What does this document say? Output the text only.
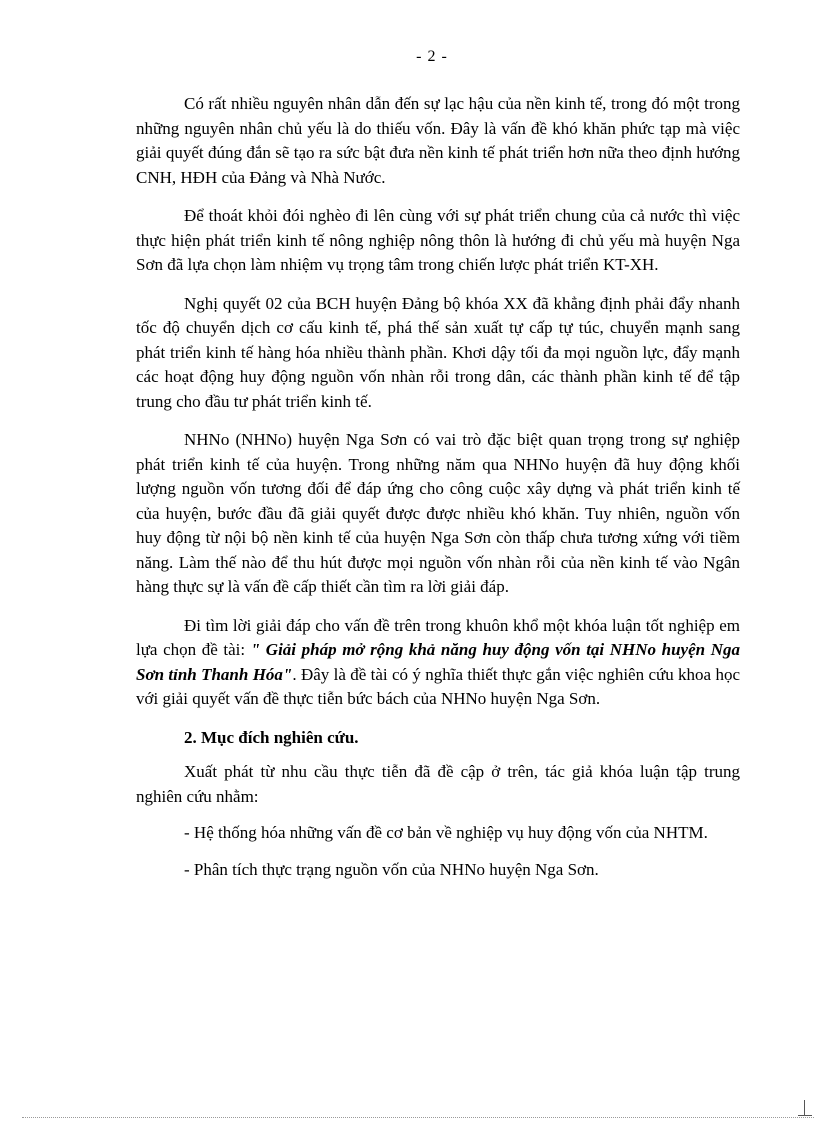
- 2 -

Có rất nhiều nguyên nhân dẫn đến sự lạc hậu của nền kinh tế, trong đó một trong những nguyên nhân chủ yếu là do thiếu vốn. Đây là vấn đề khó khăn phức tạp mà việc giải quyết đúng đắn sẽ tạo ra sức bật đưa nền kinh tế phát triển hơn nữa theo định hướng CNH, HĐH của Đảng và Nhà Nước.

Để thoát khỏi đói nghèo đi lên cùng với sự phát triển chung của cả nước thì việc thực hiện phát triển kinh tế nông nghiệp nông thôn là hướng đi chủ yếu mà huyện Nga Sơn đã lựa chọn làm nhiệm vụ trọng tâm trong chiến lược phát triển KT-XH.

Nghị quyết 02 của BCH huyện Đảng bộ khóa XX đã khẳng định phải đẩy nhanh tốc độ chuyển dịch cơ cấu kinh tế, phá thế sản xuất tự cấp tự túc, chuyển mạnh sang phát triển kinh tế hàng hóa nhiều thành phần. Khơi dậy tối đa mọi nguồn lực, đẩy mạnh các hoạt động huy động nguồn vốn nhàn rỗi trong dân, các thành phần kinh tế để tập trung cho đầu tư phát triển kinh tế.

NHNo (NHNo) huyện Nga Sơn có vai trò đặc biệt quan trọng trong sự nghiệp phát triển kinh tế của huyện. Trong những năm qua NHNo huyện đã huy động khối lượng nguồn vốn tương đối để đáp ứng cho công cuộc xây dựng và phát triển kinh tế của huyện, bước đầu đã giải quyết được được nhiều khó khăn. Tuy nhiên, nguồn vốn huy động từ nội bộ nền kinh tế của huyện Nga Sơn còn thấp chưa tương xứng với tiềm năng. Làm thế nào để thu hút được mọi nguồn vốn nhàn rỗi của nền kinh tế vào Ngân hàng thực sự là vấn đề cấp thiết cần tìm ra lời giải đáp.

Đi tìm lời giải đáp cho vấn đề trên trong khuôn khổ một khóa luận tốt nghiệp em lựa chọn đề tài: " Giải pháp mở rộng khả năng huy động vốn tại NHNo huyện Nga Sơn tỉnh Thanh Hóa". Đây là đề tài có ý nghĩa thiết thực gắn việc nghiên cứu khoa học với giải quyết vấn đề thực tiễn bức bách của NHNo huyện Nga Sơn.

2. Mục đích nghiên cứu.

Xuất phát từ nhu cầu thực tiễn đã đề cập ở trên, tác giả khóa luận tập trung nghiên cứu nhằm:

- Hệ thống hóa những vấn đề cơ bản về nghiệp vụ huy động vốn của NHTM.

- Phân tích thực trạng nguồn vốn của NHNo huyện Nga Sơn.
